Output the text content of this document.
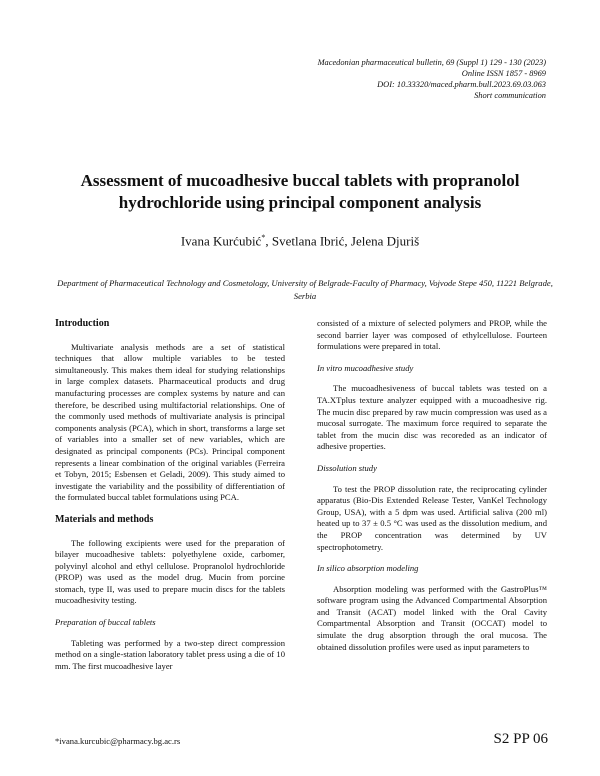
Macedonian pharmaceutical bulletin, 69 (Suppl 1) 129 - 130 (2023)
Online ISSN 1857 - 8969
DOI: 10.33320/maced.pharm.bull.2023.69.03.063
Short communication
Assessment of mucoadhesive buccal tablets with propranolol hydrochloride using principal component analysis
Ivana Kurćubić*, Svetlana Ibrić, Jelena Djuriš
Department of Pharmaceutical Technology and Cosmetology, University of Belgrade-Faculty of Pharmacy, Vojvode Stepe 450, 11221 Belgrade, Serbia
Introduction

Multivariate analysis methods are a set of statistical techniques that allow multiple variables to be tested simultaneously. This makes them ideal for studying relationships in large complex datasets. Pharmaceutical products and drug manufacturing processes are complex systems by nature and can therefore, be described using multifactorial relationships. One of the commonly used methods of multivariate analysis is principal components analysis (PCA), which in short, transforms a large set of variables into a smaller set of new variables, which are designated as principal components (PCs). Principal component represents a linear combination of the original variables (Ferreira et Tobyn, 2015; Esbensen et Geladi, 2009). This study aimed to investigate the variability and the possibility of differentiation of the formulated buccal tablet formulations using PCA.

Materials and methods

The following excipients were used for the preparation of bilayer mucoadhesive tablets: polyethylene oxide, carbomer, polyvinyl alcohol and ethyl cellulose. Propranolol hydrochloride (PROP) was used as the model drug. Mucin from porcine stomach, type II, was used to prepare mucin discs for the tablets mucoadhesivity testing.

Preparation of buccal tablets

Tableting was performed by a two-step direct compression method on a single-station laboratory tablet press using a die of 10 mm. The first mucoadhesive layer

consisted of a mixture of selected polymers and PROP, while the second barrier layer was composed of ethylcellulose. Fourteen formulations were prepared in total.

In vitro mucoadhesive study

The mucoadhesiveness of buccal tablets was tested on a TA.XTplus texture analyzer equipped with a mucoadhesive rig. The mucin disc prepared by raw mucin compression was used as a mucosal surrogate. The maximum force required to separate the tablet from the mucin disc was recoreded as an indicator of adhesive properties.

Dissolution study

To test the PROP dissolution rate, the reciprocating cylinder apparatus (Bio-Dis Extended Release Tester, VanKel Technology Group, USA), with a 5 dpm was used. Artificial saliva (200 ml) heated up to 37 ± 0.5 °C was used as the dissolution medium, and the PROP concentration was determined by UV spectrophotometry.

In silico absorption modeling

Absorption modeling was performed with the GastroPlus™ software program using the Advanced Compartmental Absorption and Transit (ACAT) model linked with the Oral Cavity Compartmental Absorption and Transit (OCCAT) model to simulate the drug absorption through the oral mucosa. The obtained dissolution profiles were used as input parameters to

*ivana.kurcubic@pharmacy.bg.ac.rs	S2 PP 06
